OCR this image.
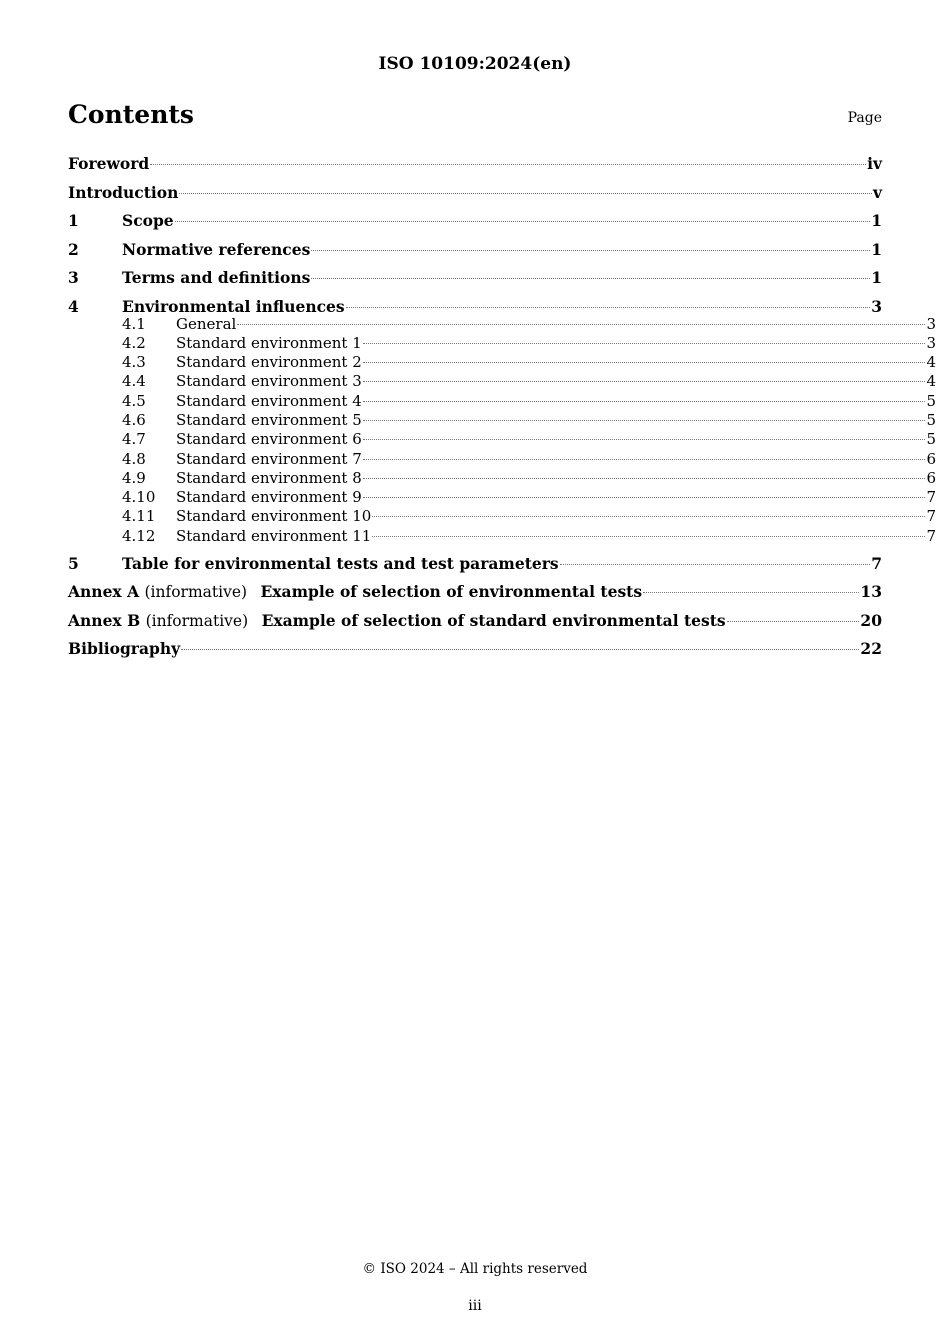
ISO 10109:2024(en)
Contents	Page
Foreword	iv
Introduction	v
1	Scope	1
2	Normative references	1
3	Terms and definitions	1
4	Environmental influences	3
4.1	General	3
4.2	Standard environment 1	3
4.3	Standard environment 2	4
4.4	Standard environment 3	4
4.5	Standard environment 4	5
4.6	Standard environment 5	5
4.7	Standard environment 6	5
4.8	Standard environment 7	6
4.9	Standard environment 8	6
4.10	Standard environment 9	7
4.11	Standard environment 10	7
4.12	Standard environment 11	7
5	Table for environmental tests and test parameters	7
Annex A (informative) Example of selection of environmental tests	13
Annex B (informative) Example of selection of standard environmental tests	20
Bibliography	22
© ISO 2024 – All rights reserved
iii
